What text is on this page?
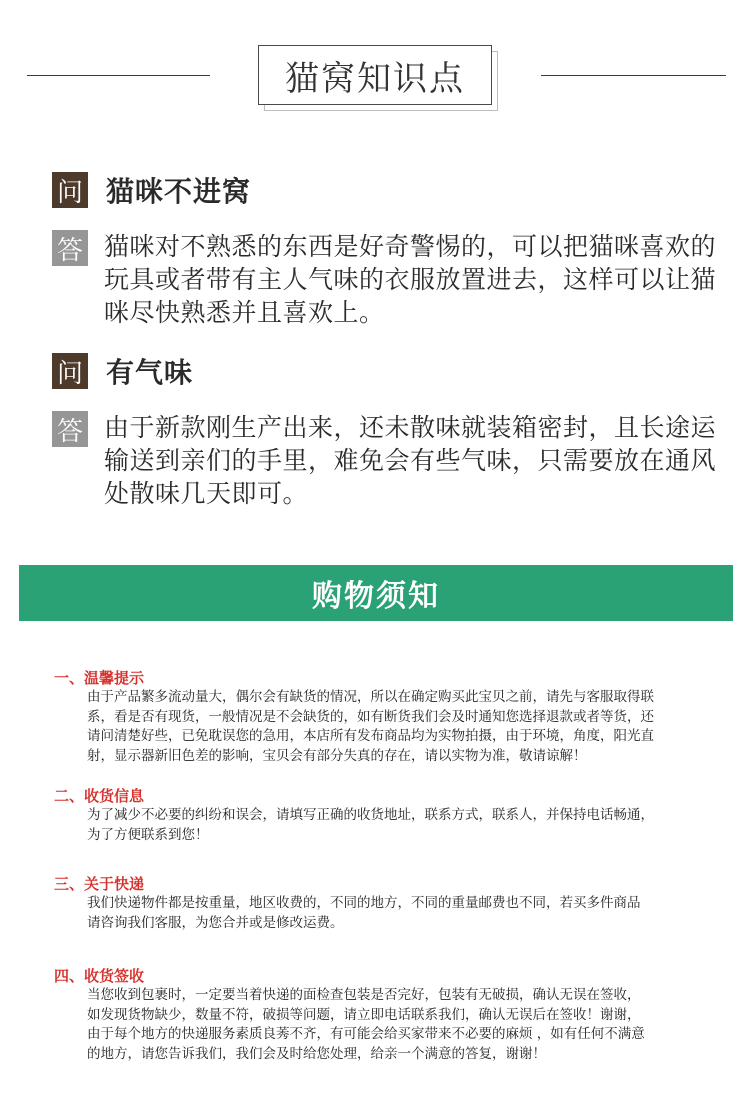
猫窝知识点
问 猫咪不进窝
答 猫咪对不熟悉的东西是好奇警惕的，可以把猫咪喜欢的玩具或者带有主人气味的衣服放置进去，这样可以让猫咪尽快熟悉并且喜欢上。
问 有气味
答 由于新款刚生产出来，还未散味就装箱密封，且长途运输送到亲们的手里，难免会有些气味，只需要放在通风处散味几天即可。
购物须知
一、温馨提示
由于产品繁多流动量大，偶尔会有缺货的情况，所以在确定购买此宝贝之前，请先与客服取得联
系，看是否有现货，一般情况是不会缺货的，如有断货我们会及时通知您选择退款或者等货，还
请问清楚好些，已免耽误您的急用，本店所有发布商品均为实物拍摄，由于环境，角度，阳光直
射，显示器新旧色差的影响，宝贝会有部分失真的存在，请以实物为准，敬请谅解！
二、收货信息
为了减少不必要的纠纷和误会，请填写正确的收货地址，联系方式，联系人，并保持电话畅通，
为了方便联系到您！
三、关于快递
我们快递物件都是按重量，地区收费的，不同的地方，不同的重量邮费也不同，若买多件商品
请咨询我们客服，为您合并或是修改运费。
四、收货签收
当您收到包裹时，一定要当着快递的面检查包装是否完好，包装有无破损，确认无误在签收，
如发现货物缺少，数量不符，破损等问题，请立即电话联系我们，确认无误后在签收！谢谢，
由于每个地方的快递服务素质良莠不齐，有可能会给买家带来不必要的麻烦 ，如有任何不满意
的地方，请您告诉我们，我们会及时给您处理，给亲一个满意的答复，谢谢！
